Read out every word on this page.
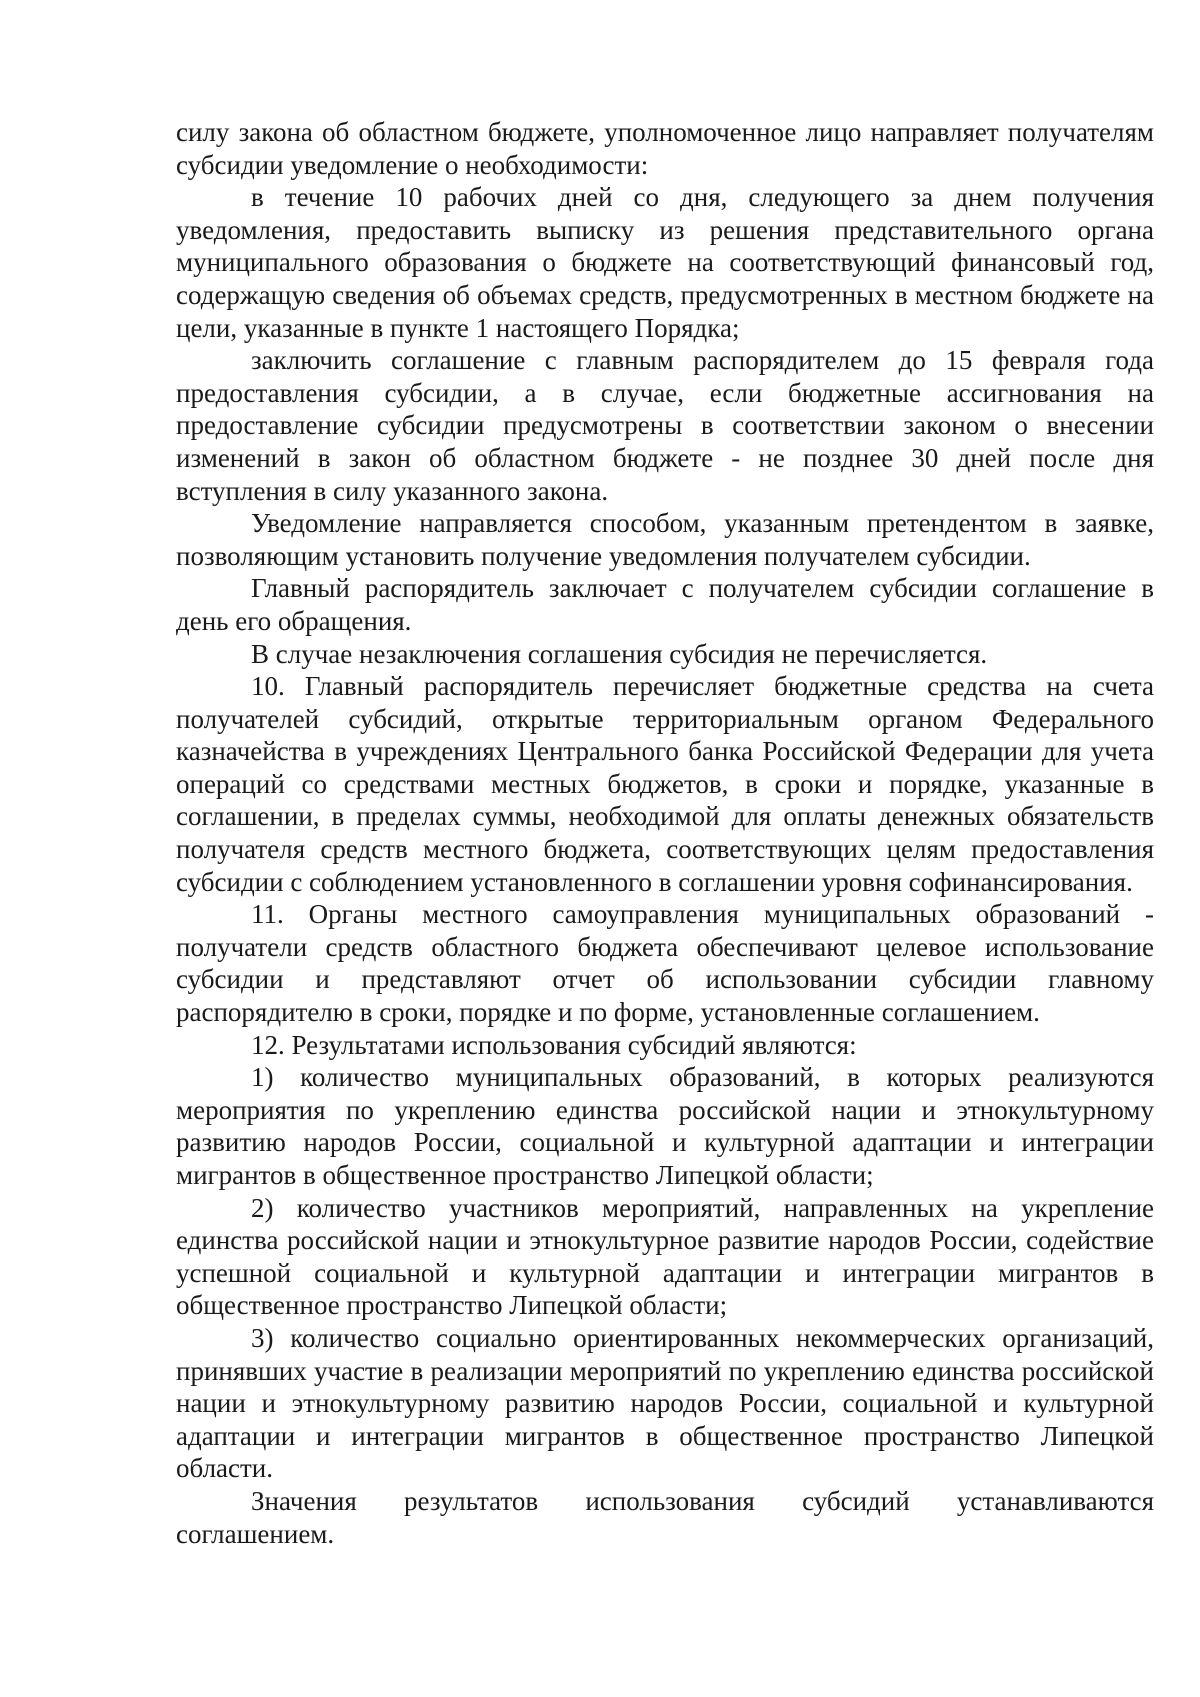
силу закона об областном бюджете, уполномоченное лицо направляет получателям субсидии уведомление о необходимости:

в течение 10 рабочих дней со дня, следующего за днем получения уведомления, предоставить выписку из решения представительного органа муниципального образования о бюджете на соответствующий финансовый год, содержащую сведения об объемах средств, предусмотренных в местном бюджете на цели, указанные в пункте 1 настоящего Порядка;

заключить соглашение с главным распорядителем до 15 февраля года предоставления субсидии, а в случае, если бюджетные ассигнования на предоставление субсидии предусмотрены в соответствии законом о внесении изменений в закон об областном бюджете - не позднее 30 дней после дня вступления в силу указанного закона.

Уведомление направляется способом, указанным претендентом в заявке, позволяющим установить получение уведомления получателем субсидии.

Главный распорядитель заключает с получателем субсидии соглашение в день его обращения.

В случае незаключения соглашения субсидия не перечисляется.

10. Главный распорядитель перечисляет бюджетные средства на счета получателей субсидий, открытые территориальным органом Федерального казначейства в учреждениях Центрального банка Российской Федерации для учета операций со средствами местных бюджетов, в сроки и порядке, указанные в соглашении, в пределах суммы, необходимой для оплаты денежных обязательств получателя средств местного бюджета, соответствующих целям предоставления субсидии с соблюдением установленного в соглашении уровня софинансирования.

11. Органы местного самоуправления муниципальных образований - получатели средств областного бюджета обеспечивают целевое использование субсидии и представляют отчет об использовании субсидии главному распорядителю в сроки, порядке и по форме, установленные соглашением.

12. Результатами использования субсидий являются:

1) количество муниципальных образований, в которых реализуются мероприятия по укреплению единства российской нации и этнокультурному развитию народов России, социальной и культурной адаптации и интеграции мигрантов в общественное пространство Липецкой области;

2) количество участников мероприятий, направленных на укрепление единства российской нации и этнокультурное развитие народов России, содействие успешной социальной и культурной адаптации и интеграции мигрантов в общественное пространство Липецкой области;

3) количество социально ориентированных некоммерческих организаций, принявших участие в реализации мероприятий по укреплению единства российской нации и этнокультурному развитию народов России, социальной и культурной адаптации и интеграции мигрантов в общественное пространство Липецкой области.

Значения результатов использования субсидий устанавливаются соглашением.
